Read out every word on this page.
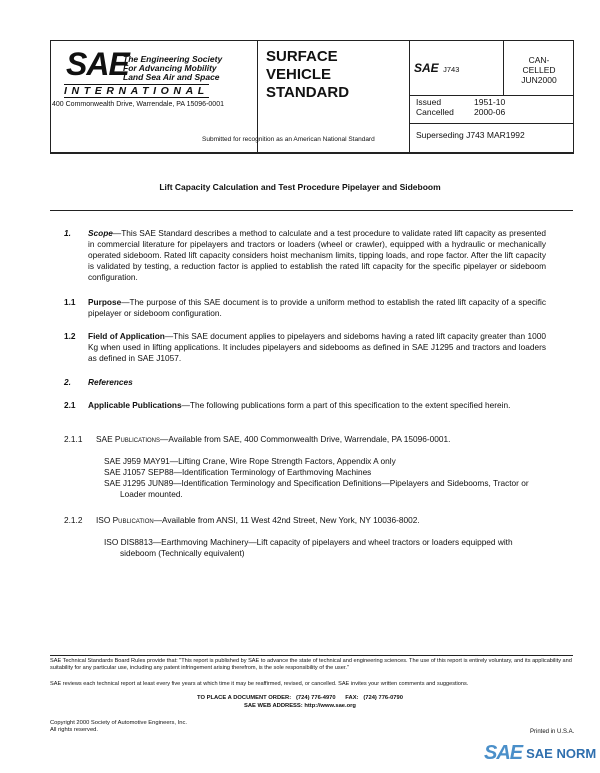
SAE
The Engineering Society
For Advancing Mobility
Land Sea Air and Space
INTERNATIONAL
400 Commonwealth Drive, Warrendale, PA 15096-0001
SURFACE
VEHICLE
STANDARD
Submitted for recognition as an American National Standard
SAE J743
CAN-
CELLED
JUN2000
Issued	1951-10
Cancelled 2000-06
Superseding J743 MAR1992
Lift Capacity Calculation and Test Procedure Pipelayer and Sideboom
1.	Scope—This SAE Standard describes a method to calculate and a test procedure to validate rated lift capacity as presented in commercial literature for pipelayers and tractors or loaders (wheel or crawler), equipped with a hydraulic or mechanically operated sideboom. Rated lift capacity considers hoist mechanism limits, tipping loads, and rope factor. After the lift capacity is validated by testing, a reduction factor is applied to establish the rated lift capacity for the specific pipelayer or sideboom configuration.

1.1	Purpose—The purpose of this SAE document is to provide a uniform method to establish the rated lift capacity of a specific pipelayer or sideboom configuration.

1.2	Field of Application—This SAE document applies to pipelayers and sideboms having a rated lift capacity greater than 1000 Kg when used in lifting applications. It includes pipelayers and sidebooms as defined in SAE J1295 and tractors and loaders as defined in SAE J1057.

2.	References

2.1	Applicable Publications—The following publications form a part of this specification to the extent specified herein.

2.1.1	SAE Publications—Available from SAE, 400 Commonwealth Drive, Warrendale, PA 15096-0001.

SAE J959 MAY91—Lifting Crane, Wire Rope Strength Factors, Appendix A only

SAE J1057 SEP88—Identification Terminology of Earthmoving Machines

SAE J1295 JUN89—Identification Terminology and Specification Definitions—Pipelayers and Sidebooms, Tractor or Loader mounted.

2.1.2	ISO Publication—Available from ANSI, 11 West 42nd Street, New York, NY 10036-8002.

ISO DIS8813—Earthmoving Machinery—Lift capacity of pipelayers and wheel tractors or loaders equipped with sideboom (Technically equivalent)

SAE Technical Standards Board Rules provide that: "This report is published by SAE to advance the state of technical and engineering sciences. The use of this report is entirely voluntary, and its applicability and suitability for any particular use, including any patent infringement arising therefrom, is the sole responsibility of the user."
SAE reviews each technical report at least every five years at which time it may be reaffirmed, revised, or cancelled. SAE invites your written comments and suggestions.
TO PLACE A DOCUMENT ORDER:   (724) 776-4970      FAX:   (724) 776-0790
SAE WEB ADDRESS: http://www.sae.org
Copyright 2000 Society of Automotive Engineers, Inc.
All rights reserved.	Printed in U.S.A.
SAE SAE NORM
